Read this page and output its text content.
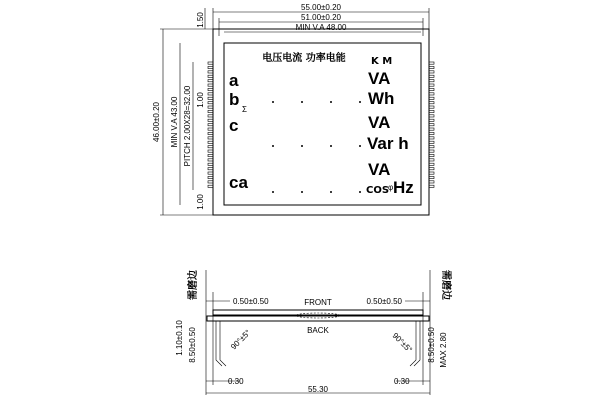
55.00±0.20
51.00±0.20
MIN V.A 48.00
46.00±0.20 MIN V.A 43.00 PITCH 2.00X28=32.00
1.50
1.00
1.00
电压电流 功率电能
a
b
c
ca
Σ
K M
VA
Wh
VA
Var h
VA
COS
φ Hz
FRONT
BACK
0.50±0.50	0.50±0.50
需磨边	需磨边
90°±5°	90°±5°
1.10±0.10 8.50±0.50	8.50±0.50 MAX 2.80
0.30	0.30
55.30
